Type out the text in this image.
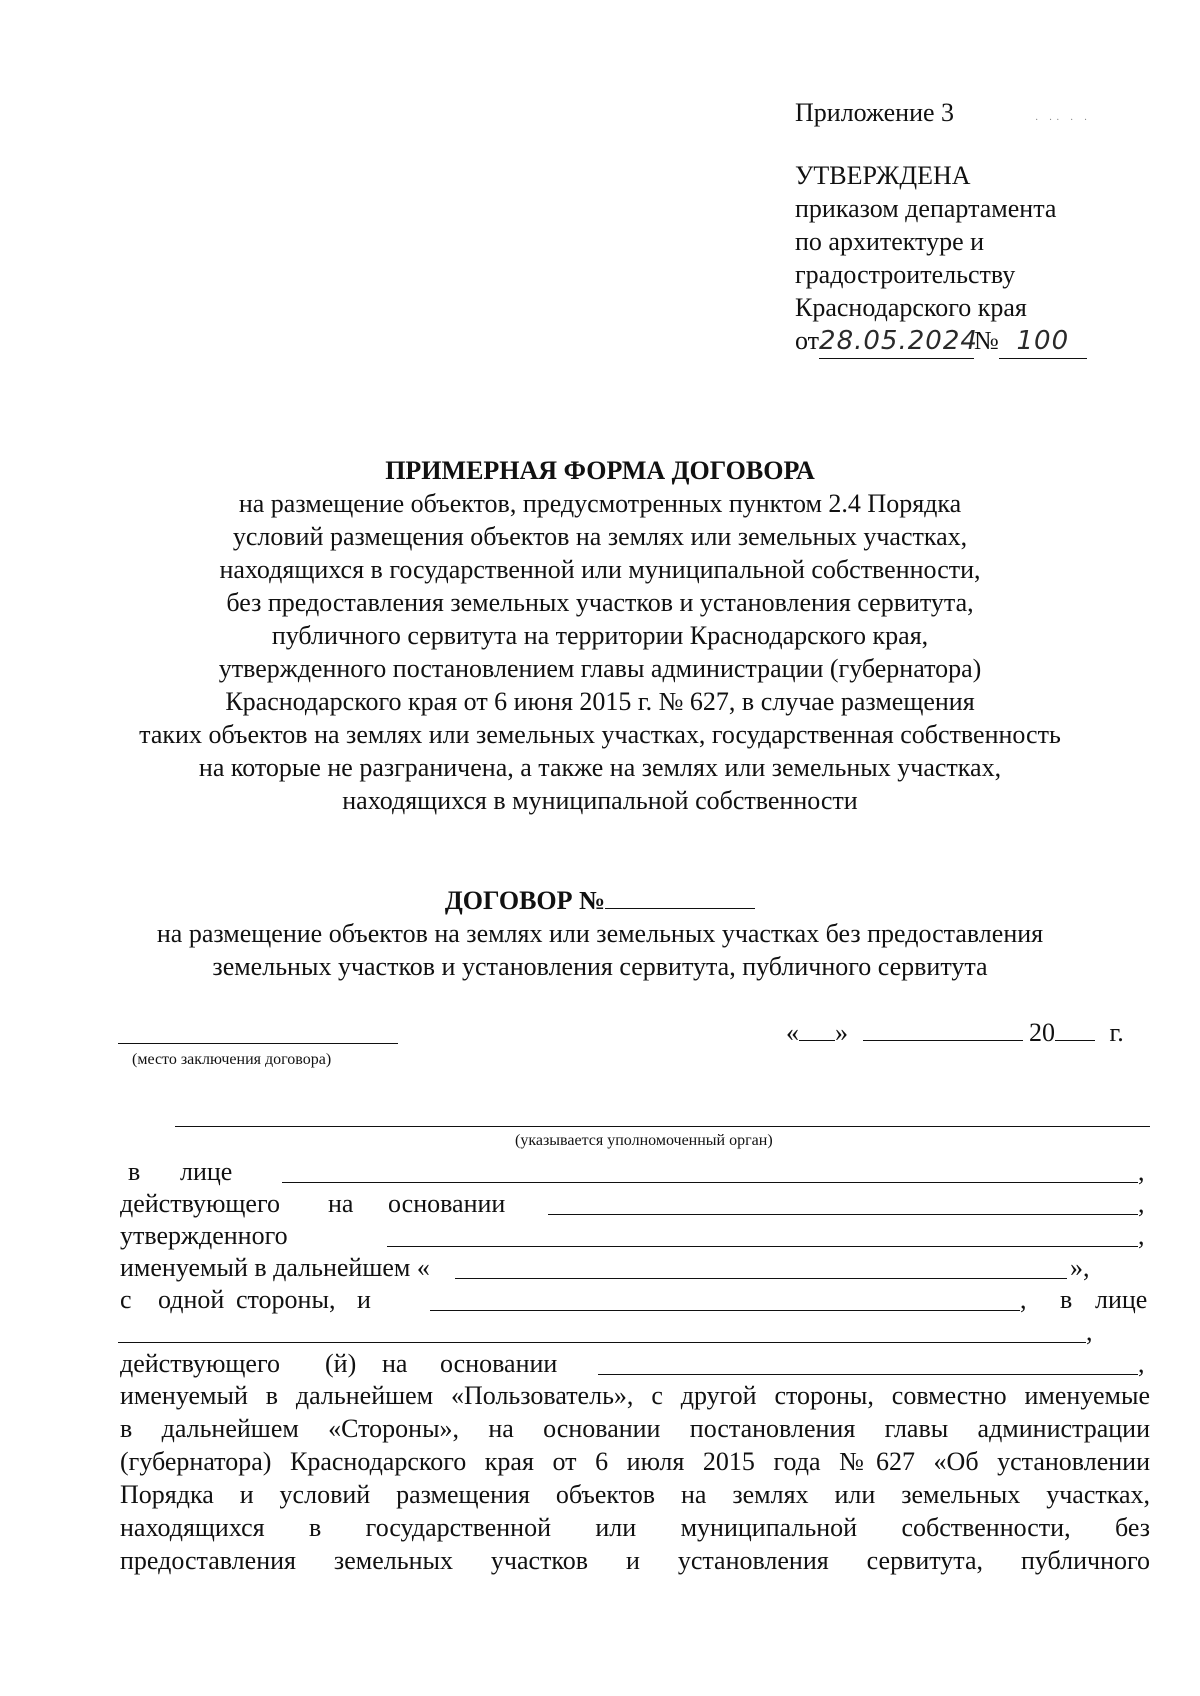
· ·· · ·
Приложение 3
УТВЕРЖДЕНА
приказом департамента
по архитектуре и
градостроительству
Краснодарского края
от28.05.2024№ 100
ПРИМЕРНАЯ ФОРМА ДОГОВОРА
на размещение объектов, предусмотренных пунктом 2.4 Порядка
условий размещения объектов на землях или земельных участках,
находящихся в государственной или муниципальной собственности,
без предоставления земельных участков и установления сервитута,
публичного сервитута на территории Краснодарского края,
утвержденного постановлением главы администрации (губернатора)
Краснодарского края от 6 июня 2015 г. № 627, в случае размещения
таких объектов на землях или земельных участках, государственная собственность
на которые не разграничена, а также на землях или земельных участках,
находящихся в муниципальной собственности
ДОГОВОР №
на размещение объектов на землях или земельных участках без предоставления
земельных участков и установления сервитута, публичного сервитута
(место заключения договора)
« »	20 г.
(указывается уполномоченный орган)
в лице	,
действующего на основании	,
утвержденного	,
именуемый в дальнейшем «	»,
с одной стороны, и	, в лице
,
действующего (й) на основании	,
именуемый в дальнейшем «Пользователь», с другой стороны, совместно именуемые
в дальнейшем «Стороны», на основании постановления главы администрации
(губернатора) Краснодарского края от 6 июля 2015 года №627 «Об установлении
Порядка и условий размещения объектов на землях или земельных участках,
находящихся в государственной или муниципальной собственности, без
предоставления земельных участков и установления сервитута, публичного
